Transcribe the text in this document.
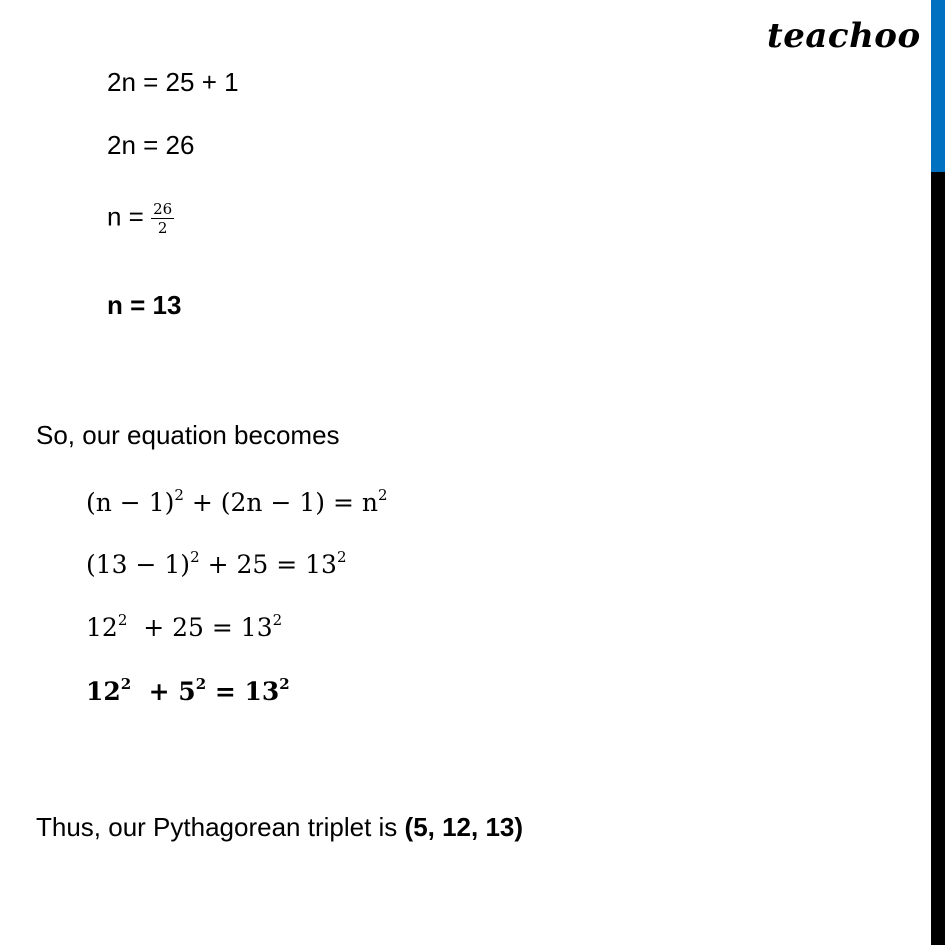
teachoo
2n = 25 + 1
2n = 26
$n = \frac{26}{2}$
n = 13
So, our equation becomes
$(n - 1)^2 + (2n - 1) = n^2$
$(13 - 1)^2 + 25 = 13^2$
$12^2 + 25 = 13^2$
$12^2 + 5^2 = 13^2$
Thus, our Pythagorean triplet is (5, 12, 13)
